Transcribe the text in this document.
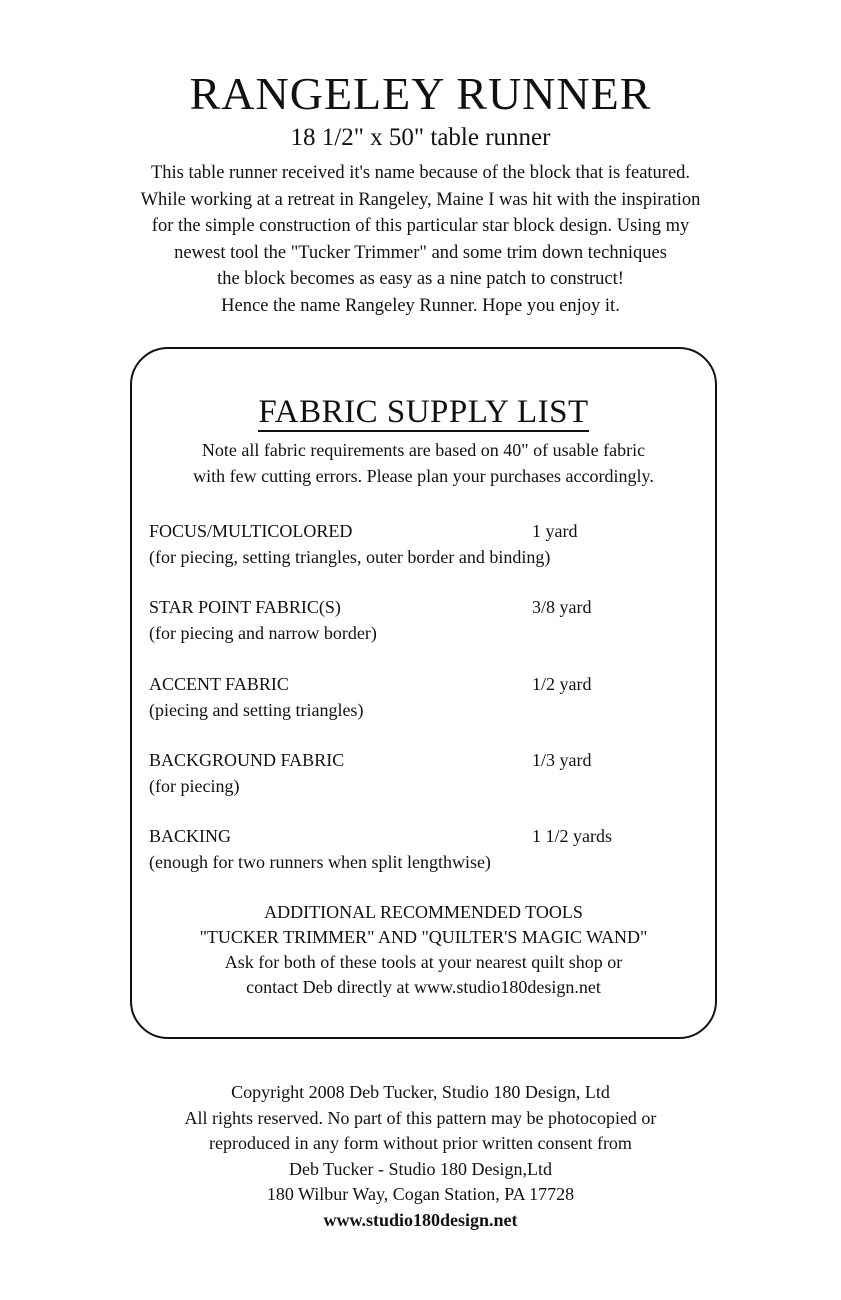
RANGELEY RUNNER
18 1/2" x 50" table runner
This table runner received it's name because of the block that is featured.
While working at a retreat in Rangeley, Maine I was hit with the inspiration
for the simple construction of this particular star block design. Using my
newest tool the "Tucker Trimmer" and some trim down techniques
the block becomes as easy as a nine patch to construct!
Hence the name Rangeley Runner. Hope you enjoy it.
FABRIC SUPPLY LIST
Note all fabric requirements are based on 40" of usable fabric
with few cutting errors. Please plan your purchases accordingly.
FOCUS/MULTICOLORED	1 yard
(for piecing, setting triangles, outer border and binding)
STAR POINT FABRIC(S)	3/8 yard
(for piecing and narrow border)
ACCENT FABRIC	1/2 yard
(piecing and setting triangles)
BACKGROUND FABRIC	1/3 yard
(for piecing)
BACKING	1 1/2 yards
(enough for two runners when split lengthwise)
ADDITIONAL RECOMMENDED TOOLS
"TUCKER TRIMMER" AND "QUILTER'S MAGIC WAND"
Ask for both of these tools at your nearest quilt shop or
contact Deb directly at www.studio180design.net
Copyright 2008 Deb Tucker, Studio 180 Design, Ltd
All rights reserved. No part of this pattern may be photocopied or
reproduced in any form without prior written consent from
Deb Tucker - Studio 180 Design,Ltd
180 Wilbur Way, Cogan Station, PA 17728
www.studio180design.net
